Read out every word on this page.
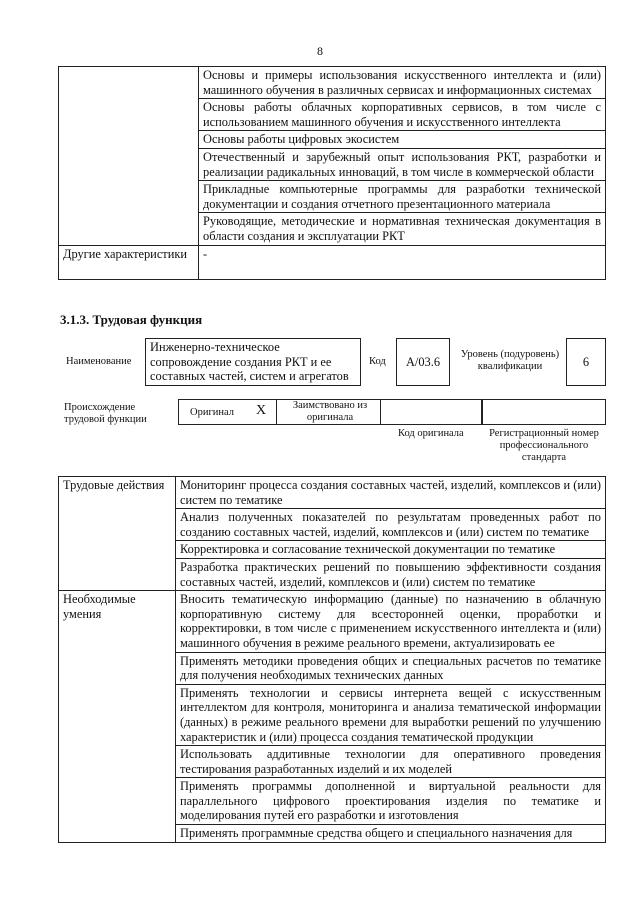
8
	Основы и примеры использования искусственного интеллекта и (или) машинного обучения в различных сервисах и информационных системах
	Основы работы облачных корпоративных сервисов, в том числе с использованием машинного обучения и искусственного интеллекта
	Основы работы цифровых экосистем
	Отечественный и зарубежный опыт использования РКТ, разработки и реализации радикальных инноваций, в том числе в коммерческой области
	Прикладные компьютерные программы для разработки технической документации и создания отчетного презентационного материала
	Руководящие, методические и нормативная техническая документация в области создания и эксплуатации РКТ
Другие характеристики	-
3.1.3. Трудовая функция
Наименование
Инженерно-техническое сопровождение создания РКТ и ее составных частей, систем и агрегатов
Код	А/03.6	Уровень (подуровень) квалификации	6
Происхождение трудовой функции
Оригинал X	Заимствовано из оригинала
Код оригинала	Регистрационный номер профессионального стандарта
Трудовые действия	Мониторинг процесса создания составных частей, изделий, комплексов и (или) систем по тематике
	Анализ полученных показателей по результатам проведенных работ по созданию составных частей, изделий, комплексов и (или) систем по тематике
	Корректировка и согласование технической документации по тематике
	Разработка практических решений по повышению эффективности создания составных частей, изделий, комплексов и (или) систем по тематике
Необходимые умения	Вносить тематическую информацию (данные) по назначению в облачную корпоративную систему для всесторонней оценки, проработки и корректировки, в том числе с применением искусственного интеллекта и (или) машинного обучения в режиме реального времени, актуализировать ее
	Применять методики проведения общих и специальных расчетов по тематике для получения необходимых технических данных
	Применять технологии и сервисы интернета вещей с искусственным интеллектом для контроля, мониторинга и анализа тематической информации (данных) в режиме реального времени для выработки решений по улучшению характеристик и (или) процесса создания тематической продукции
	Использовать аддитивные технологии для оперативного проведения тестирования разработанных изделий и их моделей
	Применять программы дополненной и виртуальной реальности для параллельного цифрового проектирования изделия по тематике и моделирования путей его разработки и изготовления
	Применять программные средства общего и специального назначения для
